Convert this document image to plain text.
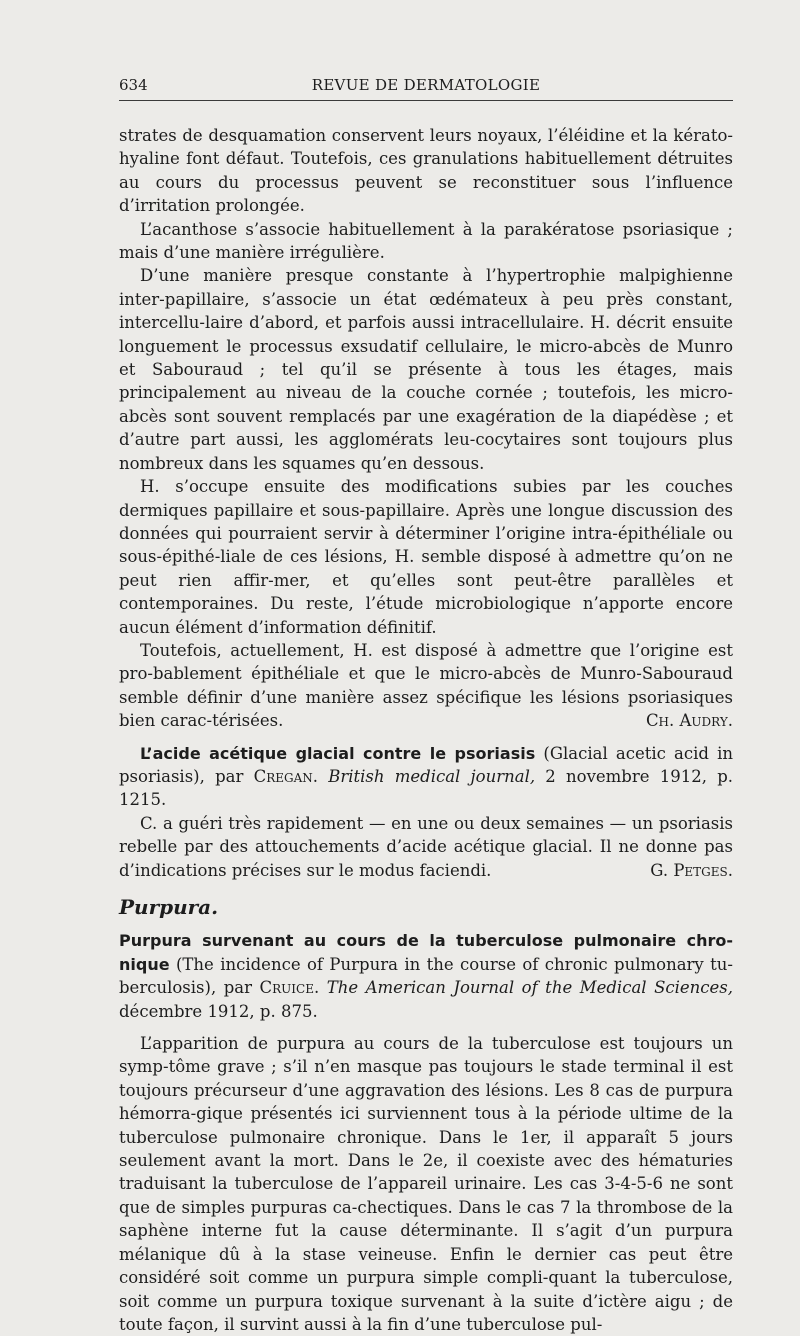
634	REVUE DE DERMATOLOGIE

strates de desquamation conservent leurs noyaux, l’éléidine et la kérato-hyaline font défaut. Toutefois, ces granulations habituellement détruites au cours du processus peuvent se reconstituer sous l’influence d’irritation prolongée.

L’acanthose s’associe habituellement à la parakératose psoriasique ; mais d’une manière irrégulière.

D’une manière presque constante à l’hypertrophie malpighienne inter-papillaire, s’associe un état œdémateux à peu près constant, intercellu-laire d’abord, et parfois aussi intracellulaire. H. décrit ensuite longuement le processus exsudatif cellulaire, le micro-abcès de Munro et Sabouraud ; tel qu’il se présente à tous les étages, mais principalement au niveau de la couche cornée ; toutefois, les micro-abcès sont souvent remplacés par une exagération de la diapédèse ; et d’autre part aussi, les agglomérats leu-cocytaires sont toujours plus nombreux dans les squames qu’en dessous.

H. s’occupe ensuite des modifications subies par les couches dermiques papillaire et sous-papillaire. Après une longue discussion des données qui pourraient servir à déterminer l’origine intra-épithéliale ou sous-épithé-liale de ces lésions, H. semble disposé à admettre qu’on ne peut rien affir-mer, et qu’elles sont peut-être parallèles et contemporaines. Du reste, l’étude microbiologique n’apporte encore aucun élément d’information définitif.

Toutefois, actuellement, H. est disposé à admettre que l’origine est pro-bablement épithéliale et que le micro-abcès de Munro-Sabouraud semble définir d’une manière assez spécifique les lésions psoriasiques bien carac-térisées.	Ch. Audry.

L’acide acétique glacial contre le psoriasis (Glacial acetic acid in psoriasis), par Cregan. British medical journal, 2 novembre 1912, p. 1215.

C. a guéri très rapidement — en une ou deux semaines — un psoriasis rebelle par des attouchements d’acide acétique glacial. Il ne donne pas d’indications précises sur le modus faciendi.	G. Petges.

Purpura.

Purpura survenant au cours de la tuberculose pulmonaire chro-nique (The incidence of Purpura in the course of chronic pulmonary tu-berculosis), par Cruice. The American Journal of the Medical Sciences, décembre 1912, p. 875.

L’apparition de purpura au cours de la tuberculose est toujours un symp-tôme grave ; s’il n’en masque pas toujours le stade terminal il est toujours précurseur d’une aggravation des lésions. Les 8 cas de purpura hémorra-gique présentés ici surviennent tous à la période ultime de la tuberculose pulmonaire chronique. Dans le 1er, il apparaît 5 jours seulement avant la mort. Dans le 2e, il coexiste avec des hématuries traduisant la tuberculose de l’appareil urinaire. Les cas 3-4-5-6 ne sont que de simples purpuras ca-chectiques. Dans le cas 7 la thrombose de la saphène interne fut la cause déterminante. Il s’agit d’un purpura mélanique dû à la stase veineuse. Enfin le dernier cas peut être considéré soit comme un purpura simple compli-quant la tuberculose, soit comme un purpura toxique survenant à la suite d’ictère aigu ; de toute façon, il survint aussi à la fin d’une tuberculose pul-
